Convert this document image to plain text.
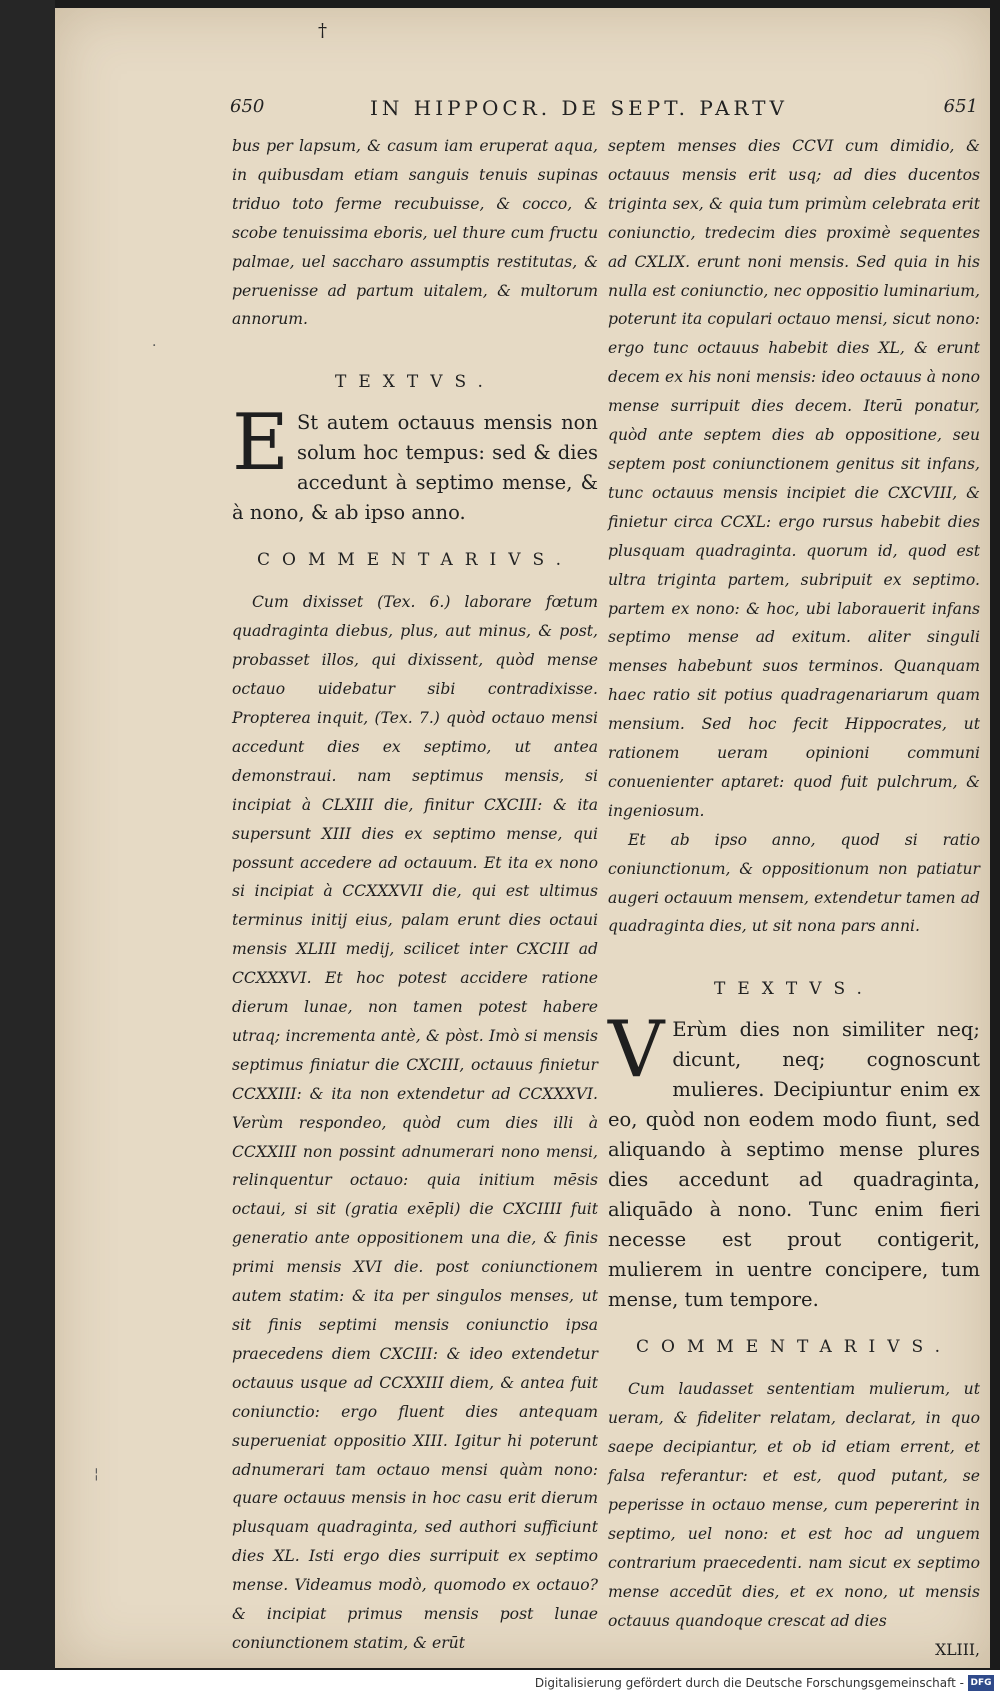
†
650	IN HIPPOCR. DE SEPT. PARTV	651
·
¦

bus per lapsum, & casum iam eruperat aqua, in quibusdam etiam sanguis tenuis supinas triduo toto ferme recubuisse, & cocco, & scobe tenuissima eboris, uel thure cum fructu palmae, uel saccharo assumptis restitutas, & peruenisse ad partum uitalem, & multorum annorum.

TEXTVS.
E St autem octauus mensis non solum hoc tempus: sed & dies accedunt à septimo mense, & à nono, & ab ipso anno.
COMMENTARIVS.

Cum dixisset (Tex. 6.) laborare fœtum quadraginta diebus, plus, aut minus, & post, probasset illos, qui dixissent, quòd mense octauo uidebatur sibi contradixisse. Propterea inquit, (Tex. 7.) quòd octauo mensi accedunt dies ex septimo, ut antea demonstraui. nam septimus mensis, si incipiat à CLXIII die, finitur CXCIII: & ita supersunt XIII dies ex septimo mense, qui possunt accedere ad octauum. Et ita ex nono si incipiat à CCXXXVII die, qui est ultimus terminus initij eius, palam erunt dies octaui mensis XLIII medij, scilicet inter CXCIII ad CCXXXVI. Et hoc potest accidere ratione dierum lunae, non tamen potest habere utraq; incrementa antè, & pòst. Imò si mensis septimus finiatur die CXCIII, octauus finietur CCXXIII: & ita non extendetur ad CCXXXVI. Verùm respondeo, quòd cum dies illi à CCXXIII non possint adnumerari nono mensi, relinquentur octauo: quia initium mēsis octaui, si sit (gratia exēpli) die CXCIIII fuit generatio ante oppositionem una die, & finis primi mensis XVI die. post coniunctionem autem statim: & ita per singulos menses, ut sit finis septimi mensis coniunctio ipsa praecedens diem CXCIII: & ideo extendetur octauus usque ad CCXXIII diem, & antea fuit coniunctio: ergo fluent dies antequam superueniat oppositio XIII. Igitur hi poterunt adnumerari tam octauo mensi quàm nono: quare octauus mensis in hoc casu erit dierum plusquam quadraginta, sed authori sufficiunt dies XL. Isti ergo dies surripuit ex septimo mense. Videamus modò, quomodo ex octauo? & incipiat primus mensis post lunae coniunctionem statim, & erūt

septem menses dies CCVI cum dimidio, & octauus mensis erit usq; ad dies ducentos triginta sex, & quia tum primùm celebrata erit coniunctio, tredecim dies proximè sequentes ad CXLIX. erunt noni mensis. Sed quia in his nulla est coniunctio, nec oppositio luminarium, poterunt ita copulari octauo mensi, sicut nono: ergo tunc octauus habebit dies XL, & erunt decem ex his noni mensis: ideo octauus à nono mense surripuit dies decem. Iterū ponatur, quòd ante septem dies ab oppositione, seu septem post coniunctionem genitus sit infans, tunc octauus mensis incipiet die CXCVIII, & finietur circa CCXL: ergo rursus habebit dies plusquam quadraginta. quorum id, quod est ultra triginta partem, subripuit ex septimo. partem ex nono: & hoc, ubi laborauerit infans septimo mense ad exitum. aliter singuli menses habebunt suos terminos. Quanquam haec ratio sit potius quadragenariarum quam mensium. Sed hoc fecit Hippocrates, ut rationem ueram opinioni communi conuenienter aptaret: quod fuit pulchrum, & ingeniosum.

Et ab ipso anno, quod si ratio coniunctionum, & oppositionum non patiatur augeri octauum mensem, extendetur tamen ad quadraginta dies, ut sit nona pars anni.

TEXTVS.
V Erùm dies non similiter neq; dicunt, neq; cognoscunt mulieres. Decipiuntur enim ex eo, quòd non eodem modo fiunt, sed aliquando à septimo mense plures dies accedunt ad quadraginta, aliquādo à nono. Tunc enim fieri necesse est prout contigerit, mulierem in uentre concipere, tum mense, tum tempore.
COMMENTARIVS.

Cum laudasset sententiam mulierum, ut ueram, & fideliter relatam, declarat, in quo saepe decipiantur, et ob id etiam errent, et falsa referantur: et est, quod putant, se peperisse in octauo mense, cum pepererint in septimo, uel nono: et est hoc ad unguem contrarium praecedenti. nam sicut ex septimo mense accedūt dies, et ex nono, ut mensis octauus quandoque crescat ad dies

XLIII,

Digitalisierung gefördert durch die Deutsche Forschungsgemeinschaft - DFG
